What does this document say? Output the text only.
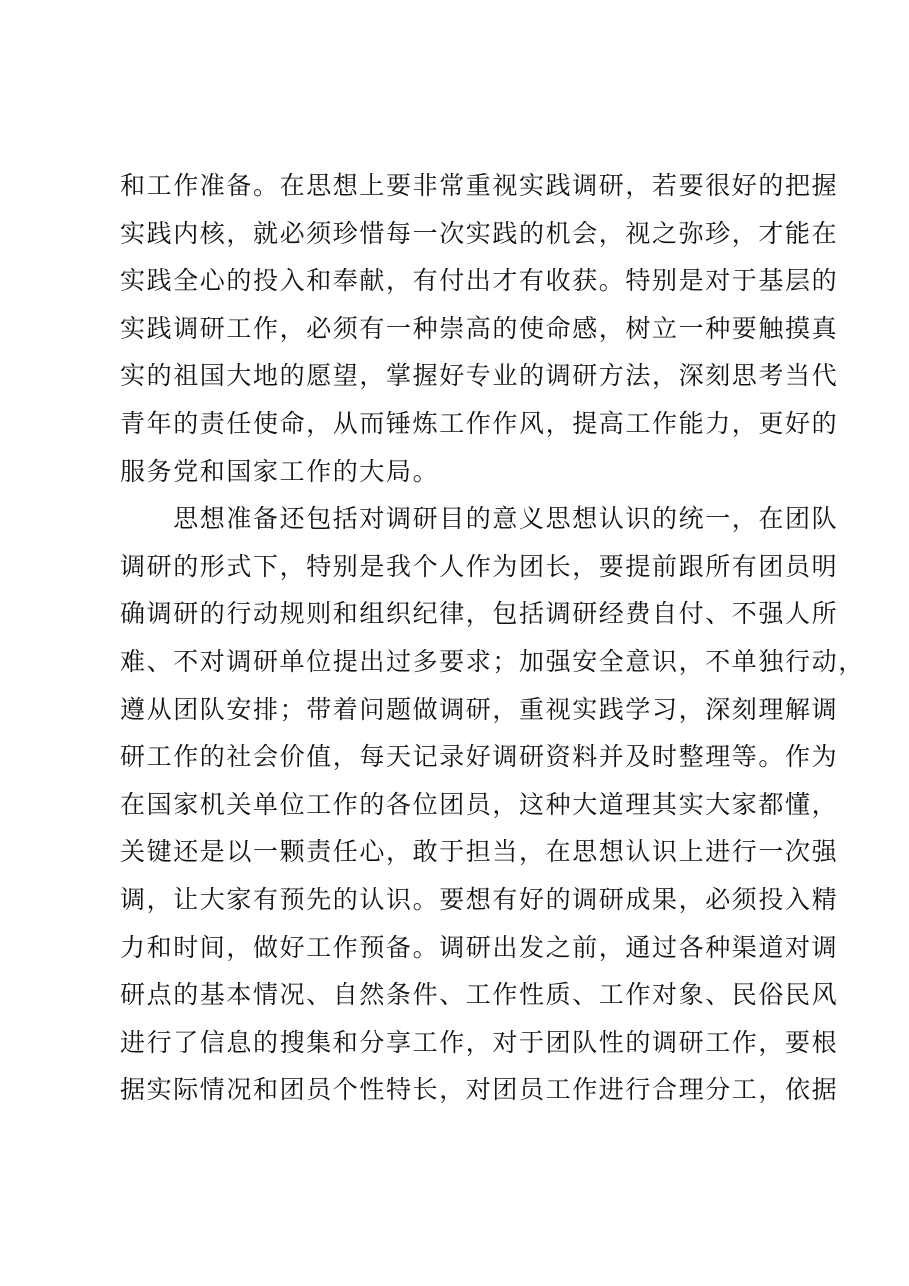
和工作准备。在思想上要非常重视实践调研，若要很好的把握
实践内核，就必须珍惜每一次实践的机会，视之弥珍，才能在
实践全心的投入和奉献，有付出才有收获。特别是对于基层的
实践调研工作，必须有一种崇高的使命感，树立一种要触摸真
实的祖国大地的愿望，掌握好专业的调研方法，深刻思考当代
青年的责任使命，从而锤炼工作作风，提高工作能力，更好的
服务党和国家工作的大局。
　　思想准备还包括对调研目的意义思想认识的统一，在团队
调研的形式下，特别是我个人作为团长，要提前跟所有团员明
确调研的行动规则和组织纪律，包括调研经费自付、不强人所
难、不对调研单位提出过多要求；加强安全意识，不单独行动，
遵从团队安排；带着问题做调研，重视实践学习，深刻理解调
研工作的社会价值，每天记录好调研资料并及时整理等。作为
在国家机关单位工作的各位团员，这种大道理其实大家都懂，
关键还是以一颗责任心，敢于担当，在思想认识上进行一次强
调，让大家有预先的认识。要想有好的调研成果，必须投入精
力和时间，做好工作预备。调研出发之前，通过各种渠道对调
研点的基本情况、自然条件、工作性质、工作对象、民俗民风
进行了信息的搜集和分享工作，对于团队性的调研工作，要根
据实际情况和团员个性特长，对团员工作进行合理分工，依据
